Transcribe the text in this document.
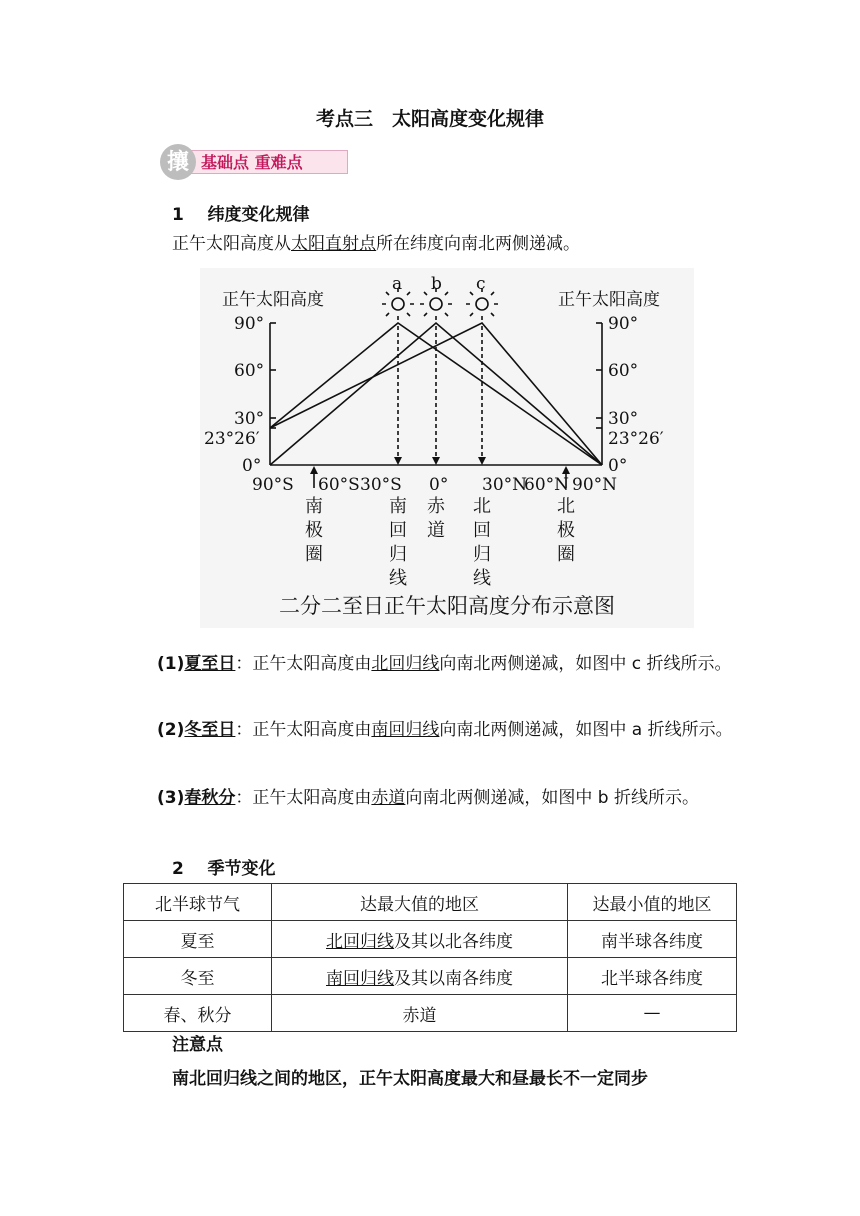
考点三　太阳高度变化规律
基础点 重难点
攘
1 纬度变化规律
正午太阳高度从太阳直射点所在纬度向南北两侧递减。
正午太阳高度	正午太阳高度
a b c
90°
60°
30°
23°26′
0°
90°
60°
30°
23°26′
0°
90°S 60°S 30°S 0° 30°N
60°N 90°N
南
极
圈
南
回
归
线
赤
道
北
回
归
线
北
极
圈
二分二至日正午太阳高度分布示意图
(1)夏至日：正午太阳高度由北回归线向南北两侧递减，如图中 c 折线所示。
(2)冬至日：正午太阳高度由南回归线向南北两侧递减，如图中 a 折线所示。
(3)春秋分：正午太阳高度由赤道向南北两侧递减，如图中 b 折线所示。
2 季节变化
北半球节气	达最大值的地区	达最小值的地区
夏至	北回归线及其以北各纬度	南半球各纬度
冬至	南回归线及其以南各纬度	北半球各纬度
春、秋分	赤道	—
注意点
南北回归线之间的地区，正午太阳高度最大和昼最长不一定同步
